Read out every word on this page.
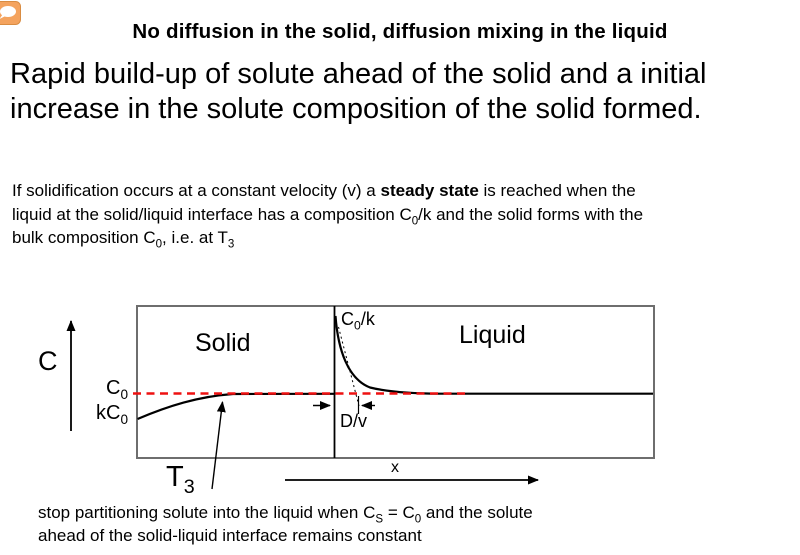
No diffusion in the solid, diffusion mixing in the liquid
Rapid build-up of solute ahead of the solid and a initial
increase in the solute composition of the solid formed.
If solidification occurs at a constant velocity (v) a steady state is reached when the
liquid at the solid/liquid interface has a composition $C_0/k$ and the solid forms with the
bulk composition $C_0$, i.e. at $T_3$
C
$C_0$
$kC_0$
Solid	Liquid
$C_0/k$
D/v
$T_3$
x
stop partitioning solute into the liquid when $C_S = C_0$ and the solute
ahead of the solid-liquid interface remains constant
